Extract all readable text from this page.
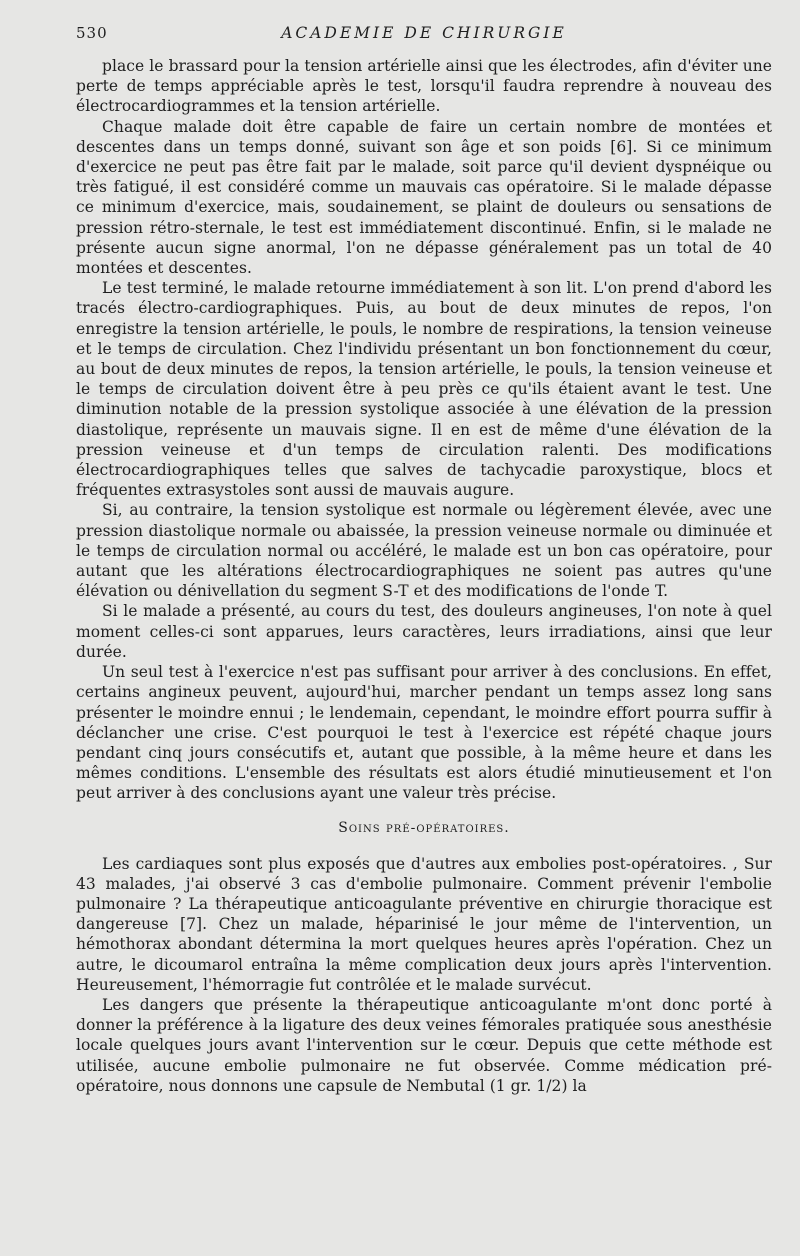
530	ACADEMIE DE CHIRURGIE

place le brassard pour la tension artérielle ainsi que les électrodes, afin d'éviter une perte de temps appréciable après le test, lorsqu'il faudra reprendre à nouveau des électrocardiogrammes et la tension artérielle.

Chaque malade doit être capable de faire un certain nombre de montées et descentes dans un temps donné, suivant son âge et son poids [6]. Si ce minimum d'exercice ne peut pas être fait par le malade, soit parce qu'il devient dyspnéique ou très fatigué, il est considéré comme un mauvais cas opératoire. Si le malade dépasse ce minimum d'exercice, mais, soudainement, se plaint de douleurs ou sensations de pression rétro-sternale, le test est immédiatement discontinué. Enfin, si le malade ne présente aucun signe anormal, l'on ne dépasse généralement pas un total de 40 montées et descentes.

Le test terminé, le malade retourne immédiatement à son lit. L'on prend d'abord les tracés électro-cardiographiques. Puis, au bout de deux minutes de repos, l'on enregistre la tension artérielle, le pouls, le nombre de respirations, la tension veineuse et le temps de circulation. Chez l'individu présentant un bon fonctionnement du cœur, au bout de deux minutes de repos, la tension artérielle, le pouls, la tension veineuse et le temps de circulation doivent être à peu près ce qu'ils étaient avant le test. Une diminution notable de la pression systolique associée à une élévation de la pression diastolique, représente un mauvais signe. Il en est de même d'une élévation de la pression veineuse et d'un temps de circulation ralenti. Des modifications électrocardiographiques telles que salves de tachycadie paroxystique, blocs et fréquentes extrasystoles sont aussi de mauvais augure.

Si, au contraire, la tension systolique est normale ou légèrement élevée, avec une pression diastolique normale ou abaissée, la pression veineuse normale ou diminuée et le temps de circulation normal ou accéléré, le malade est un bon cas opératoire, pour autant que les altérations électrocardiographiques ne soient pas autres qu'une élévation ou dénivellation du segment S-T et des modifications de l'onde T.

Si le malade a présenté, au cours du test, des douleurs angineuses, l'on note à quel moment celles-ci sont apparues, leurs caractères, leurs irradiations, ainsi que leur durée.

Un seul test à l'exercice n'est pas suffisant pour arriver à des conclusions. En effet, certains angineux peuvent, aujourd'hui, marcher pendant un temps assez long sans présenter le moindre ennui ; le lendemain, cependant, le moindre effort pourra suffir à déclancher une crise. C'est pourquoi le test à l'exercice est répété chaque jours pendant cinq jours consécutifs et, autant que possible, à la même heure et dans les mêmes conditions. L'ensemble des résultats est alors étudié minutieusement et l'on peut arriver à des conclusions ayant une valeur très précise.

Soins pré-opératoires.

Les cardiaques sont plus exposés que d'autres aux embolies post-opératoires. , Sur 43 malades, j'ai observé 3 cas d'embolie pulmonaire. Comment prévenir l'embolie pulmonaire ? La thérapeutique anticoagulante préventive en chirurgie thoracique est dangereuse [7]. Chez un malade, héparinisé le jour même de l'intervention, un hémothorax abondant détermina la mort quelques heures après l'opération. Chez un autre, le dicoumarol entraîna la même complication deux jours après l'intervention. Heureusement, l'hémorragie fut contrôlée et le malade survécut.

Les dangers que présente la thérapeutique anticoagulante m'ont donc porté à donner la préférence à la ligature des deux veines fémorales pratiquée sous anesthésie locale quelques jours avant l'intervention sur le cœur. Depuis que cette méthode est utilisée, aucune embolie pulmonaire ne fut observée. Comme médication pré-opératoire, nous donnons une capsule de Nembutal (1 gr. 1/2) la
